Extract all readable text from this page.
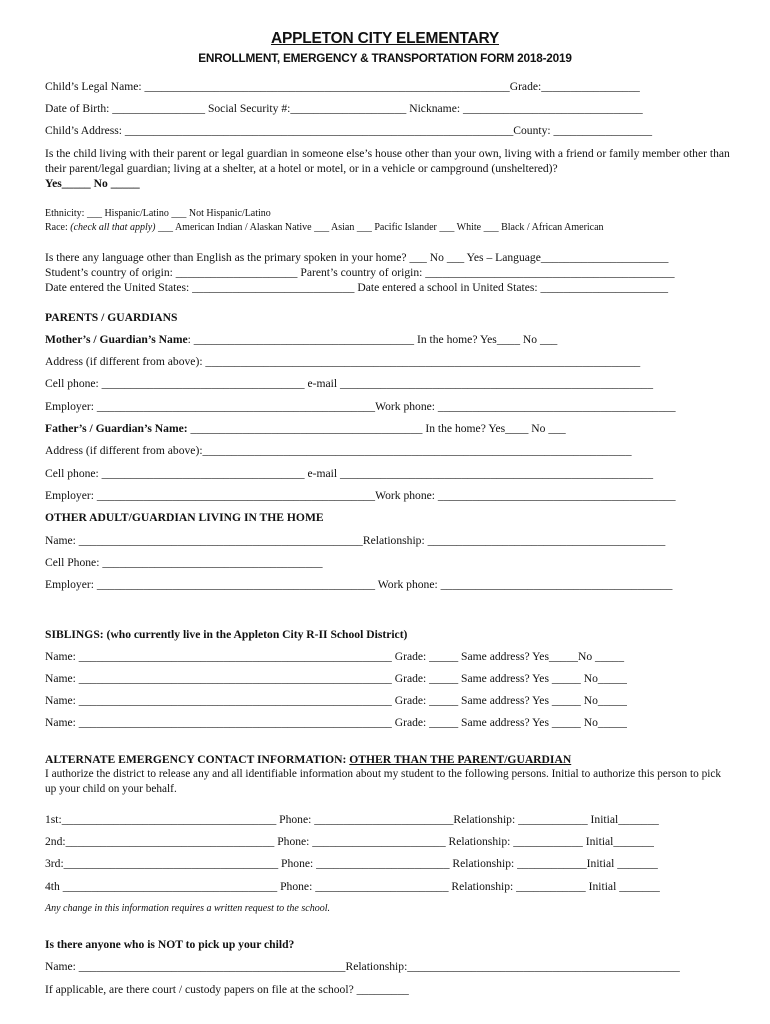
APPLETON CITY ELEMENTARY
ENROLLMENT, EMERGENCY & TRANSPORTATION FORM 2018-2019
Child’s Legal Name: _______________________________________________________________Grade:_________________
Date of Birth: ________________ Social Security #:____________________ Nickname: _______________________________
Child’s Address: ___________________________________________________________________County: _________________
Is the child living with their parent or legal guardian in someone else’s house other than your own, living with a friend or family member other than their parent/legal guardian; living at a shelter, at a hotel or motel, or in a vehicle or campground (unsheltered)?
Yes_____ No _____
Ethnicity: ___ Hispanic/Latino ___ Not Hispanic/Latino
Race: (check all that apply) ___ American Indian / Alaskan Native ___ Asian ___ Pacific Islander ___ White ___ Black / African American
Is there any language other than English as the primary spoken in your home? ___ No ___ Yes – Language______________________
Student’s country of origin: _____________________ Parent’s country of origin: ___________________________________________
Date entered the United States: ____________________________ Date entered a school in United States: ______________________
PARENTS / GUARDIANS
Mother’s / Guardian’s Name: ______________________________________ In the home? Yes____ No ___
Address (if different from above): ___________________________________________________________________________
Cell phone: ___________________________________ e-mail ______________________________________________________
Employer: ________________________________________________Work phone: _________________________________________
Father’s / Guardian’s Name: ________________________________________ In the home? Yes____ No ___
Address (if different from above):__________________________________________________________________________
Cell phone: ___________________________________ e-mail ______________________________________________________
Employer: ________________________________________________Work phone: _________________________________________
OTHER ADULT/GUARDIAN LIVING IN THE HOME
Name: _________________________________________________Relationship: _________________________________________
Cell Phone: ______________________________________
Employer: ________________________________________________ Work phone: ________________________________________
SIBLINGS: (who currently live in the Appleton City R-II School District)
Name: ______________________________________________________ Grade: _____ Same address? Yes_____No _____
Name: ______________________________________________________ Grade: _____ Same address? Yes _____ No_____
Name: ______________________________________________________ Grade: _____ Same address? Yes _____ No_____
Name: ______________________________________________________ Grade: _____ Same address? Yes _____ No_____
ALTERNATE EMERGENCY CONTACT INFORMATION: OTHER THAN THE PARENT/GUARDIAN
I authorize the district to release any and all identifiable information about my student to the following persons. Initial to authorize this person to pick up your child on your behalf.
1st:_____________________________________ Phone: ________________________Relationship: ____________ Initial_______
2nd:____________________________________ Phone: _______________________ Relationship: ____________ Initial_______
3rd:_____________________________________ Phone: _______________________ Relationship: ____________Initial _______
4th _____________________________________ Phone: _______________________ Relationship: ____________ Initial _______
Any change in this information requires a written request to the school.
Is there anyone who is NOT to pick up your child?
Name: ______________________________________________Relationship:_______________________________________________
If applicable, are there court / custody papers on file at the school? _________
